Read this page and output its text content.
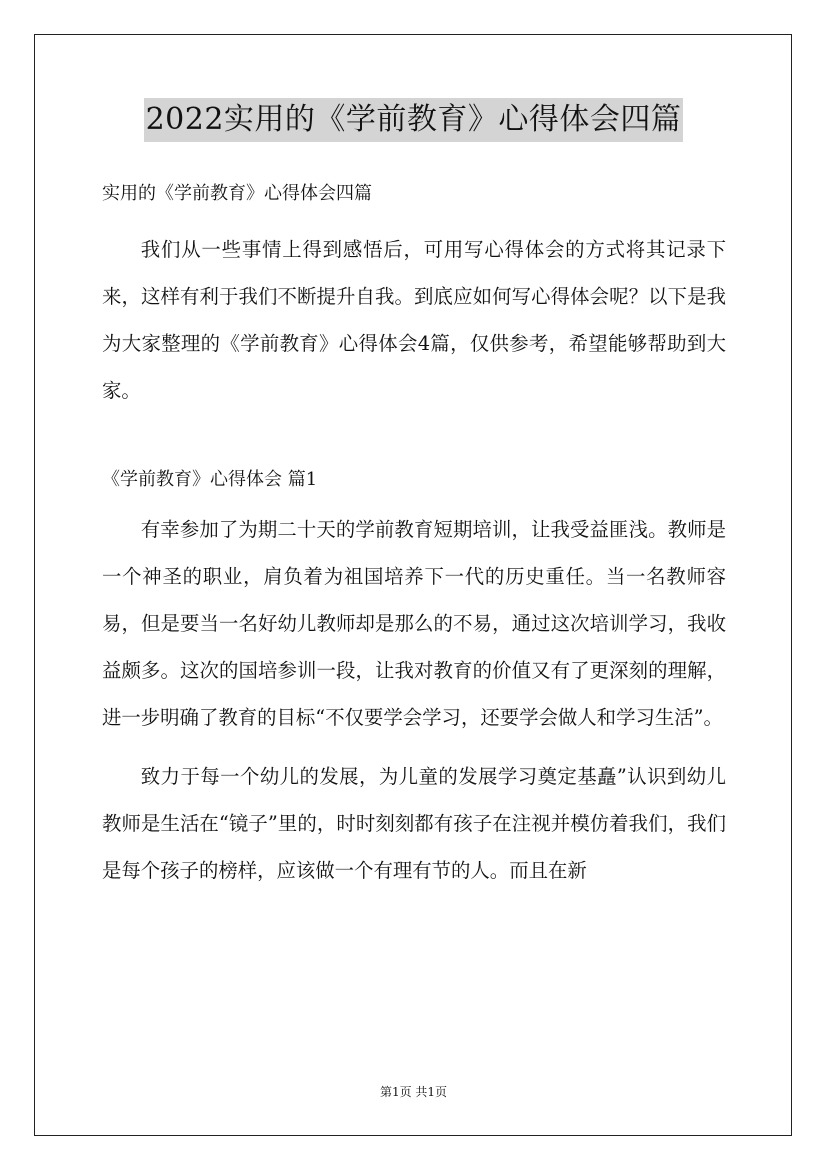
2022实用的《学前教育》心得体会四篇
实用的《学前教育》心得体会四篇

我们从一些事情上得到感悟后，可用写心得体会的方式将其记录下来，这样有利于我们不断提升自我。到底应如何写心得体会呢？以下是我为大家整理的《学前教育》心得体会4篇，仅供参考，希望能够帮助到大家。

《学前教育》心得体会 篇1

有幸参加了为期二十天的学前教育短期培训，让我受益匪浅。教师是一个神圣的职业，肩负着为祖国培养下一代的历史重任。当一名教师容易，但是要当一名好幼儿教师却是那么的不易，通过这次培训学习，我收益颇多。这次的国培参训一段，让我对教育的价值又有了更深刻的理解，进一步明确了教育的目标“不仅要学会学习，还要学会做人和学习生活”。

致力于每一个幼儿的发展，为儿童的发展学习奠定基矗”认识到幼儿教师是生活在“镜子”里的，时时刻刻都有孩子在注视并模仿着我们，我们是每个孩子的榜样，应该做一个有理有节的人。而且在新

第1页 共1页
